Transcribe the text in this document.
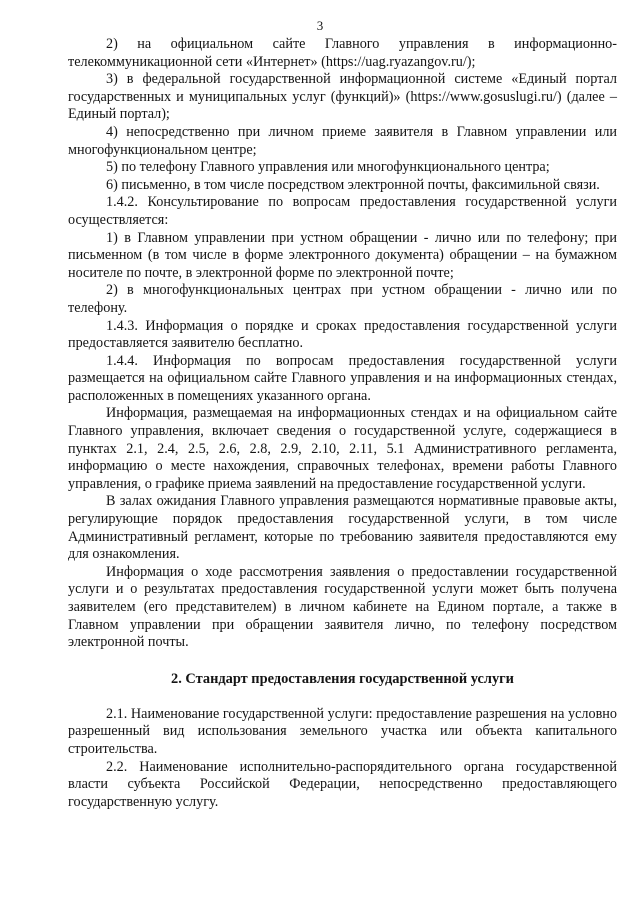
3

2) на официальном сайте Главного управления в информационно-телекоммуникационной сети «Интернет» (https://uag.ryazangov.ru/);

3) в федеральной государственной информационной системе «Единый портал государственных и муниципальных услуг (функций)» (https://www.gosuslugi.ru/) (далее – Единый портал);

4) непосредственно при личном приеме заявителя в Главном управлении или многофункциональном центре;

5) по телефону Главного управления или многофункционального центра;

6) письменно, в том числе посредством электронной почты, факсимильной связи.

1.4.2. Консультирование по вопросам предоставления государственной услуги осуществляется:

1) в Главном управлении при устном обращении - лично или по телефону; при письменном (в том числе в форме электронного документа) обращении – на бумажном носителе по почте, в электронной форме по электронной почте;

2) в многофункциональных центрах при устном обращении - лично или по телефону.

1.4.3. Информация о порядке и сроках предоставления государственной услуги предоставляется заявителю бесплатно.

1.4.4. Информация по вопросам предоставления государственной услуги размещается на официальном сайте Главного управления и на информационных стендах, расположенных в помещениях указанного органа.

Информация, размещаемая на информационных стендах и на официальном сайте Главного управления, включает сведения о государственной услуге, содержащиеся в пунктах 2.1, 2.4, 2.5, 2.6, 2.8, 2.9, 2.10, 2.11, 5.1 Административного регламента, информацию о месте нахождения, справочных телефонах, времени работы Главного управления, о графике приема заявлений на предоставление государственной услуги.

В залах ожидания Главного управления размещаются нормативные правовые акты, регулирующие порядок предоставления государственной услуги, в том числе Административный регламент, которые по требованию заявителя предоставляются ему для ознакомления.

Информация о ходе рассмотрения заявления о предоставлении государственной услуги и о результатах предоставления государственной услуги может быть получена заявителем (его представителем) в личном кабинете на Едином портале, а также в Главном управлении при обращении заявителя лично, по телефону посредством электронной почты.

2. Стандарт предоставления государственной услуги

2.1. Наименование государственной услуги: предоставление разрешения на условно разрешенный вид использования земельного участка или объекта капитального строительства.

2.2. Наименование исполнительно-распорядительного органа государственной власти субъекта Российской Федерации, непосредственно предоставляющего государственную услугу.
